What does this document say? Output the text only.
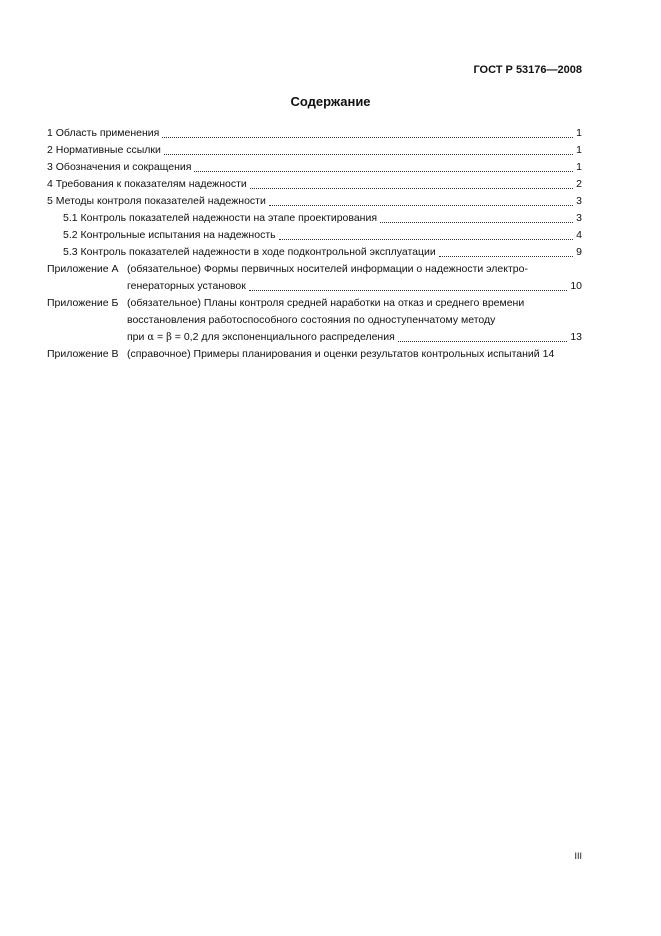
ГОСТ Р 53176—2008
Содержание
1 Область применения	1
2 Нормативные ссылки	1
3 Обозначения и сокращения	1
4 Требования к показателям надежности	2
5 Методы контроля показателей надежности	3
5.1 Контроль показателей надежности на этапе проектирования	3
5.2 Контрольные испытания на надежность	4
5.3 Контроль показателей надежности в ходе подконтрольной эксплуатации	9
Приложение А (обязательное) Формы первичных носителей информации о надежности электро-
генераторных установок	10
Приложение Б (обязательное) Планы контроля средней наработки на отказ и среднего времени
восстановления работоспособного состояния по одноступенчатому методу
при α = β = 0,2 для экспоненциального распределения	13
Приложение В (справочное) Примеры планирования и оценки результатов контрольных испытаний 14
III
